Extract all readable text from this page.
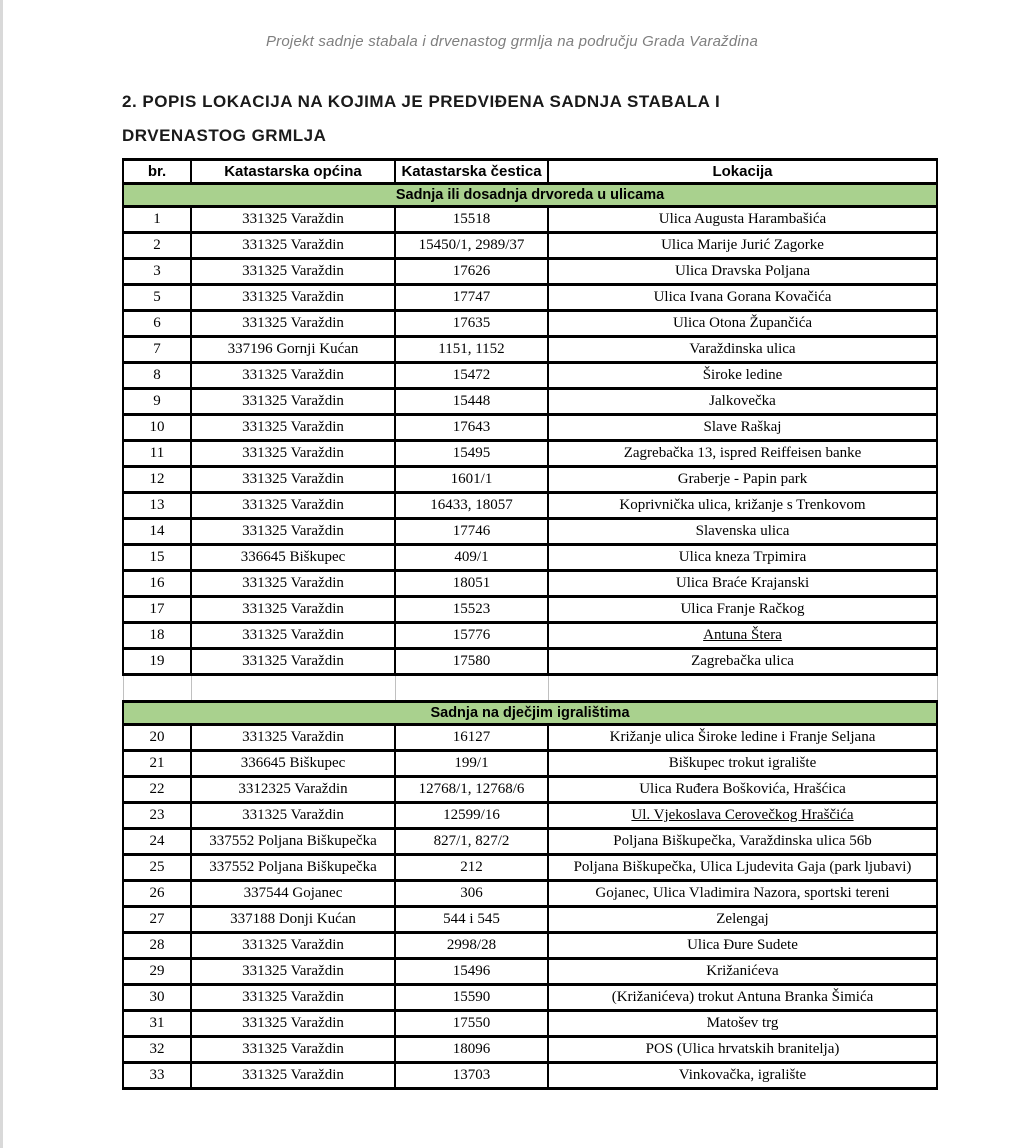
Projekt sadnje stabala i drvenastog grmlja na području Grada Varaždina
2. POPIS LOKACIJA NA KOJIMA JE PREDVIĐENA SADNJA STABALA I
DRVENASTOG GRMLJA
br.	Katastarska općina	Katastarska čestica	Lokacija
Sadnja ili dosadnja drvoreda u ulicama			
1	331325 Varaždin	15518	Ulica Augusta Harambašića
2	331325 Varaždin	15450/1, 2989/37	Ulica Marije Jurić Zagorke
3	331325 Varaždin	17626	Ulica Dravska Poljana
5	331325 Varaždin	17747	Ulica Ivana Gorana Kovačića
6	331325 Varaždin	17635	Ulica Otona Župančića
7	337196 Gornji Kućan	1151, 1152	Varaždinska ulica
8	331325 Varaždin	15472	Široke ledine
9	331325 Varaždin	15448	Jalkovečka
10	331325 Varaždin	17643	Slave Raškaj
11	331325 Varaždin	15495	Zagrebačka 13, ispred Reiffeisen banke
12	331325 Varaždin	1601/1	Graberje - Papin park
13	331325 Varaždin	16433, 18057	Koprivnička ulica, križanje s Trenkovom
14	331325 Varaždin	17746	Slavenska ulica
15	336645 Biškupec	409/1	Ulica kneza Trpimira
16	331325 Varaždin	18051	Ulica Braće Krajanski
17	331325 Varaždin	15523	Ulica Franje Račkog
18	331325 Varaždin	15776	Antuna Štera
19	331325 Varaždin	17580	Zagrebačka ulica

Sadnja na dječjim igralištima			
20	331325 Varaždin	16127	Križanje ulica Široke ledine i Franje Seljana
21	336645 Biškupec	199/1	Biškupec trokut igralište
22	3312325 Varaždin	12768/1, 12768/6	Ulica Ruđera Boškovića, Hrašćica
23	331325 Varaždin	12599/16	Ul. Vjekoslava Cerovečkog Hraščića
24	337552 Poljana Biškupečka	827/1, 827/2	Poljana Biškupečka, Varaždinska ulica 56b
25	337552 Poljana Biškupečka	212	Poljana Biškupečka, Ulica Ljudevita Gaja (park ljubavi)
26	337544 Gojanec	306	Gojanec, Ulica Vladimira Nazora, sportski tereni
27	337188 Donji Kućan	544 i 545	Zelengaj
28	331325 Varaždin	2998/28	Ulica Đure Sudete
29	331325 Varaždin	15496	Križanićeva
30	331325 Varaždin	15590	(Križanićeva) trokut Antuna Branka Šimića
31	331325 Varaždin	17550	Matošev trg
32	331325 Varaždin	18096	POS (Ulica hrvatskih branitelja)
33	331325 Varaždin	13703	Vinkovačka, igralište
